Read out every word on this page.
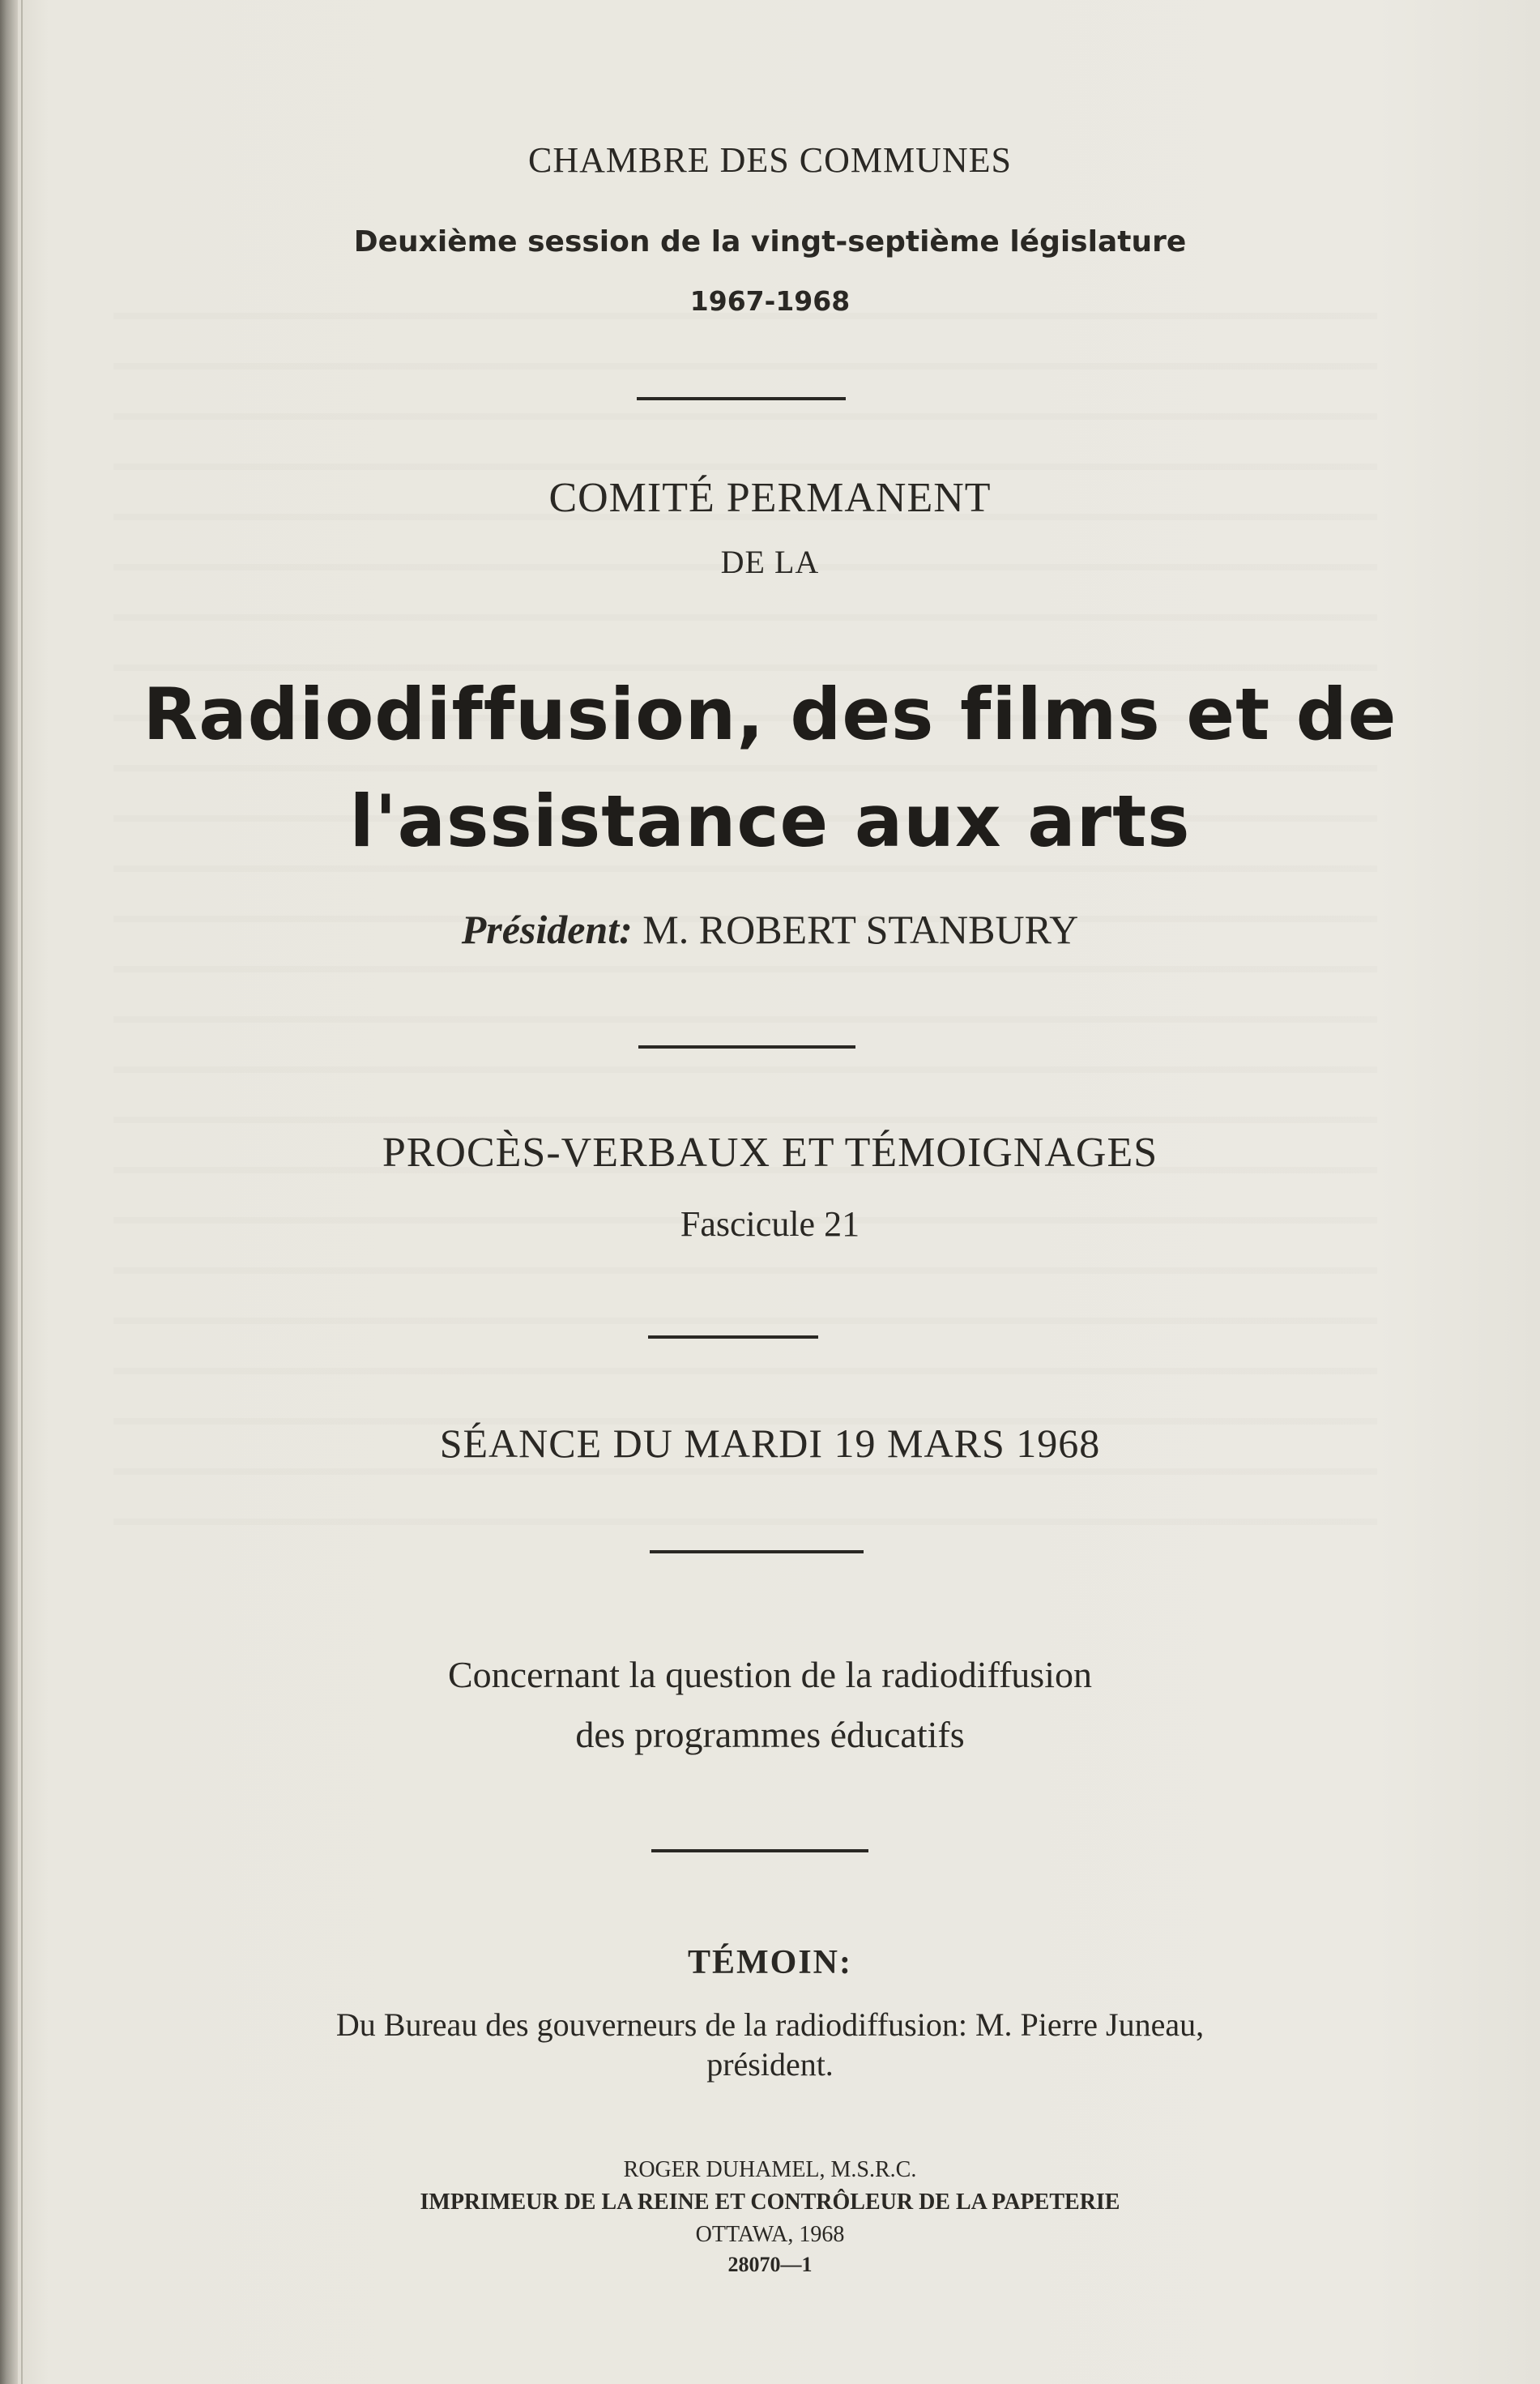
CHAMBRE DES COMMUNES
Deuxième session de la vingt-septième législature
1967-1968
COMITÉ PERMANENT
DE LA
Radiodiffusion, des films et de
l'assistance aux arts
Président: M. ROBERT STANBURY
PROCÈS-VERBAUX ET TÉMOIGNAGES
Fascicule 21
SÉANCE DU MARDI 19 MARS 1968
Concernant la question de la radiodiffusion
des programmes éducatifs
TÉMOIN:
Du Bureau des gouverneurs de la radiodiffusion: M. Pierre Juneau,
président.
ROGER DUHAMEL, M.S.R.C.
IMPRIMEUR DE LA REINE ET CONTRÔLEUR DE LA PAPETERIE
OTTAWA, 1968
28070—1
